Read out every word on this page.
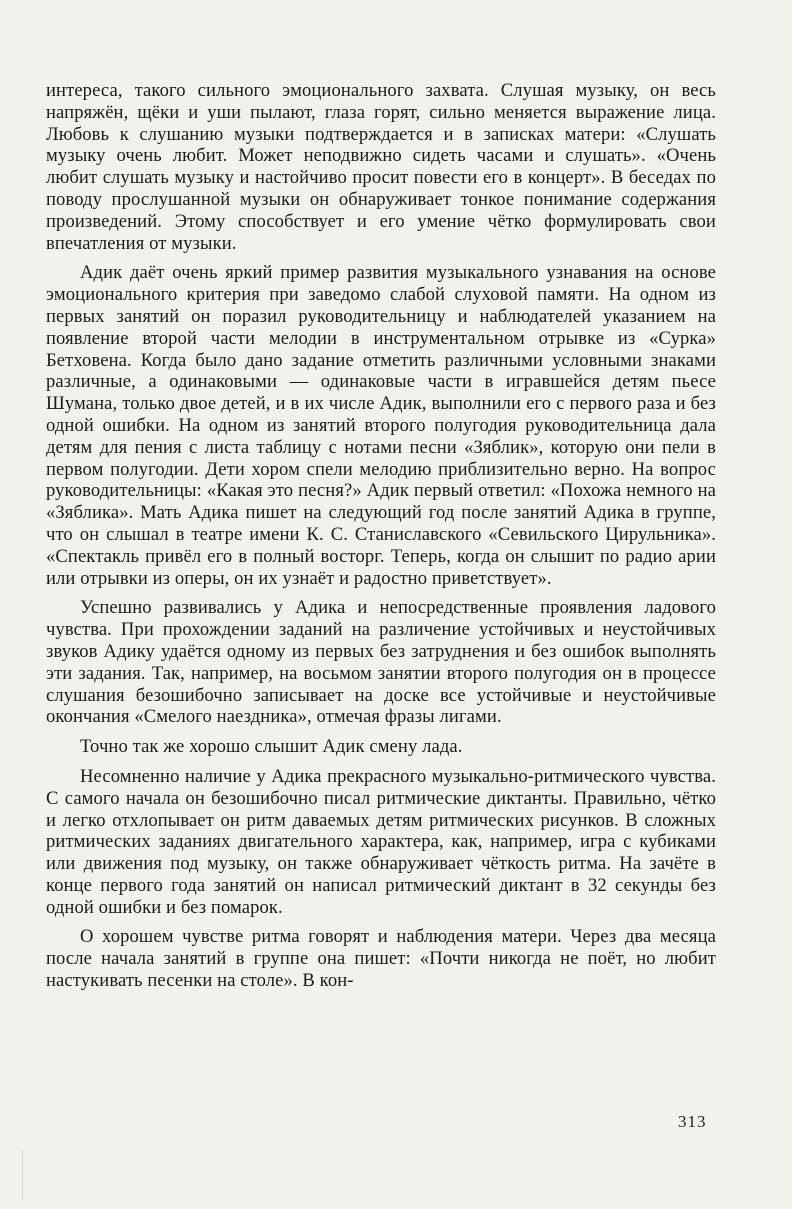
интереса, такого сильного эмоционального захвата. Слушая музыку, он весь напряжён, щёки и уши пылают, глаза горят, сильно меняется выражение лица. Любовь к слушанию музыки подтверждается и в записках матери: «Слушать музыку очень любит. Может неподвижно сидеть часами и слушать». «Очень любит слушать музыку и настойчиво просит повести его в концерт». В беседах по поводу прослушанной музыки он обнаруживает тонкое понимание содержания произведений. Этому способствует и его умение чётко формулировать свои впечатления от музыки.

Адик даёт очень яркий пример развития музыкального узнавания на основе эмоционального критерия при заведомо слабой слуховой памяти. На одном из первых занятий он поразил руководительницу и наблюдателей указанием на появление второй части мелодии в инструментальном отрывке из «Сурка» Бетховена. Когда было дано задание отметить различными условными знаками различные, а одинаковыми — одинаковые части в игравшейся детям пьесе Шумана, только двое детей, и в их числе Адик, выполнили его с первого раза и без одной ошибки. На одном из занятий второго полугодия руководительница дала детям для пения с листа таблицу с нотами песни «Зяблик», которую они пели в первом полугодии. Дети хором спели мелодию приблизительно верно. На вопрос руководительницы: «Какая это песня?» Адик первый ответил: «Похожа немного на «Зяблика». Мать Адика пишет на следующий год после занятий Адика в группе, что он слышал в театре имени К. С. Станиславского «Севильского Цирульника». «Спектакль привёл его в полный восторг. Теперь, когда он слышит по радио арии или отрывки из оперы, он их узнаёт и радостно приветствует».

Успешно развивались у Адика и непосредственные проявления ладового чувства. При прохождении заданий на различение устойчивых и неустойчивых звуков Адику удаётся одному из первых без затруднения и без ошибок выполнять эти задания. Так, например, на восьмом занятии второго полугодия он в процессе слушания безошибочно записывает на доске все устойчивые и неустойчивые окончания «Смелого наездника», отмечая фразы лигами.

Точно так же хорошо слышит Адик смену лада.

Несомненно наличие у Адика прекрасного музыкально-ритмического чувства. С самого начала он безошибочно писал ритмические диктанты. Правильно, чётко и легко отхлопывает он ритм даваемых детям ритмических рисунков. В сложных ритмических заданиях двигательного характера, как, например, игра с кубиками или движения под музыку, он также обнаруживает чёткость ритма. На зачёте в конце первого года занятий он написал ритмический диктант в 32 секунды без одной ошибки и без помарок.

О хорошем чувстве ритма говорят и наблюдения матери. Через два месяца после начала занятий в группе она пишет: «Почти никогда не поёт, но любит настукивать песенки на столе». В кон-

313
